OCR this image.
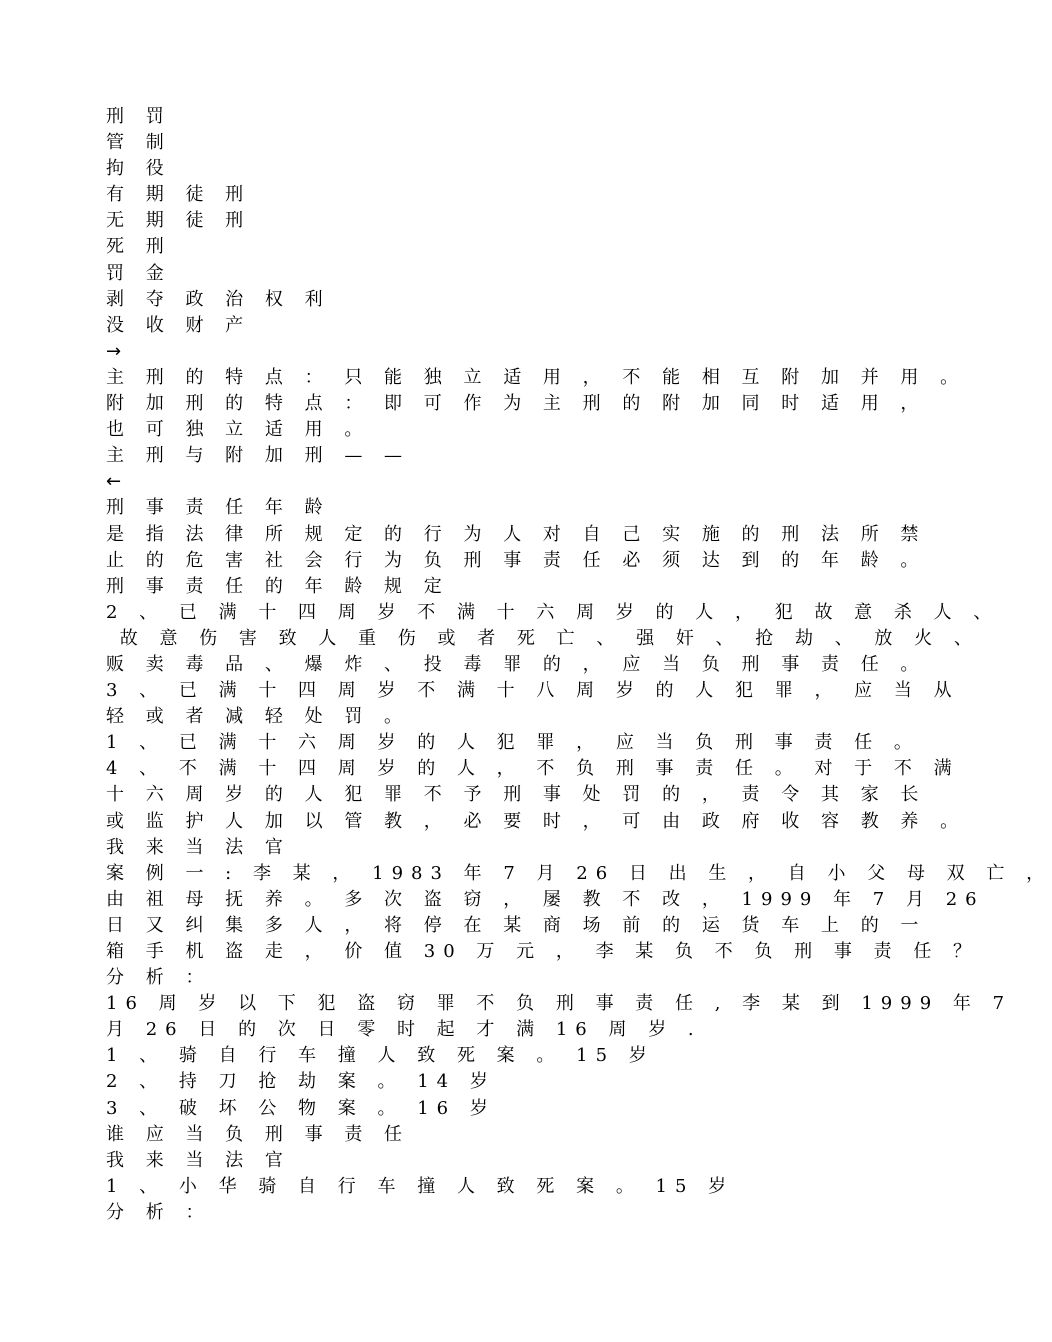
刑 罚
管 制
拘 役
有 期 徒 刑
无 期 徒 刑
死 刑
罚 金
剥 夺 政 治 权 利
没 收 财 产
→
主 刑 的 特 点 ： 只 能 独 立 适 用 ， 不 能 相 互 附 加 并 用 。
附 加 刑 的 特 点 ： 即 可 作 为 主 刑 的 附 加 同 时 适 用 ，
也 可 独 立 适 用 。
主 刑 与 附 加 刑 — —
←
刑 事 责 任 年 龄
是 指 法 律 所 规 定 的 行 为 人 对 自 己 实 施 的 刑 法 所 禁
止 的 危 害 社 会 行 为 负 刑 事 责 任 必 须 达 到 的 年 龄 。
刑 事 责 任 的 年 龄 规 定
2 、 已 满 十 四 周 岁 不 满 十 六 周 岁 的 人 ， 犯 故 意 杀 人 、
故 意 伤 害 致 人 重 伤 或 者 死 亡 、 强 奸 、 抢 劫 、 放 火 、
贩 卖 毒 品 、 爆 炸 、 投 毒 罪 的 ， 应 当 负 刑 事 责 任 。
3 、 已 满 十 四 周 岁 不 满 十 八 周 岁 的 人 犯 罪 ， 应 当 从
轻 或 者 减 轻 处 罚 。
1 、 已 满 十 六 周 岁 的 人 犯 罪 ， 应 当 负 刑 事 责 任 。
4 、 不 满 十 四 周 岁 的 人 ， 不 负 刑 事 责 任 。 对 于 不 满
十 六 周 岁 的 人 犯 罪 不 予 刑 事 处 罚 的 ， 责 令 其 家 长
或 监 护 人 加 以 管 教 ， 必 要 时 ， 可 由 政 府 收 容 教 养 。
我 来 当 法 官
案 例 一 : 李 某 ， 1983 年 7 月 26 日 出 生 ， 自 小 父 母 双 亡 ，
由 祖 母 抚 养 。 多 次 盗 窃 ， 屡 教 不 改 ， 1999 年 7 月 26
日 又 纠 集 多 人 ， 将 停 在 某 商 场 前 的 运 货 车 上 的 一
箱 手 机 盗 走 ， 价 值 30 万 元 ， 李 某 负 不 负 刑 事 责 任 ？
分 析 ：
16 周 岁 以 下 犯 盗 窃 罪 不 负 刑 事 责 任 , 李 某 到 1999 年 7
月 26 日 的 次 日 零 时 起 才 满 16 周 岁 .
1 、 骑 自 行 车 撞 人 致 死 案 。 15 岁
2 、 持 刀 抢 劫 案 。 14 岁
3 、 破 坏 公 物 案 。 16 岁
谁 应 当 负 刑 事 责 任
我 来 当 法 官
1 、 小 华 骑 自 行 车 撞 人 致 死 案 。 15 岁
分 析 ：
